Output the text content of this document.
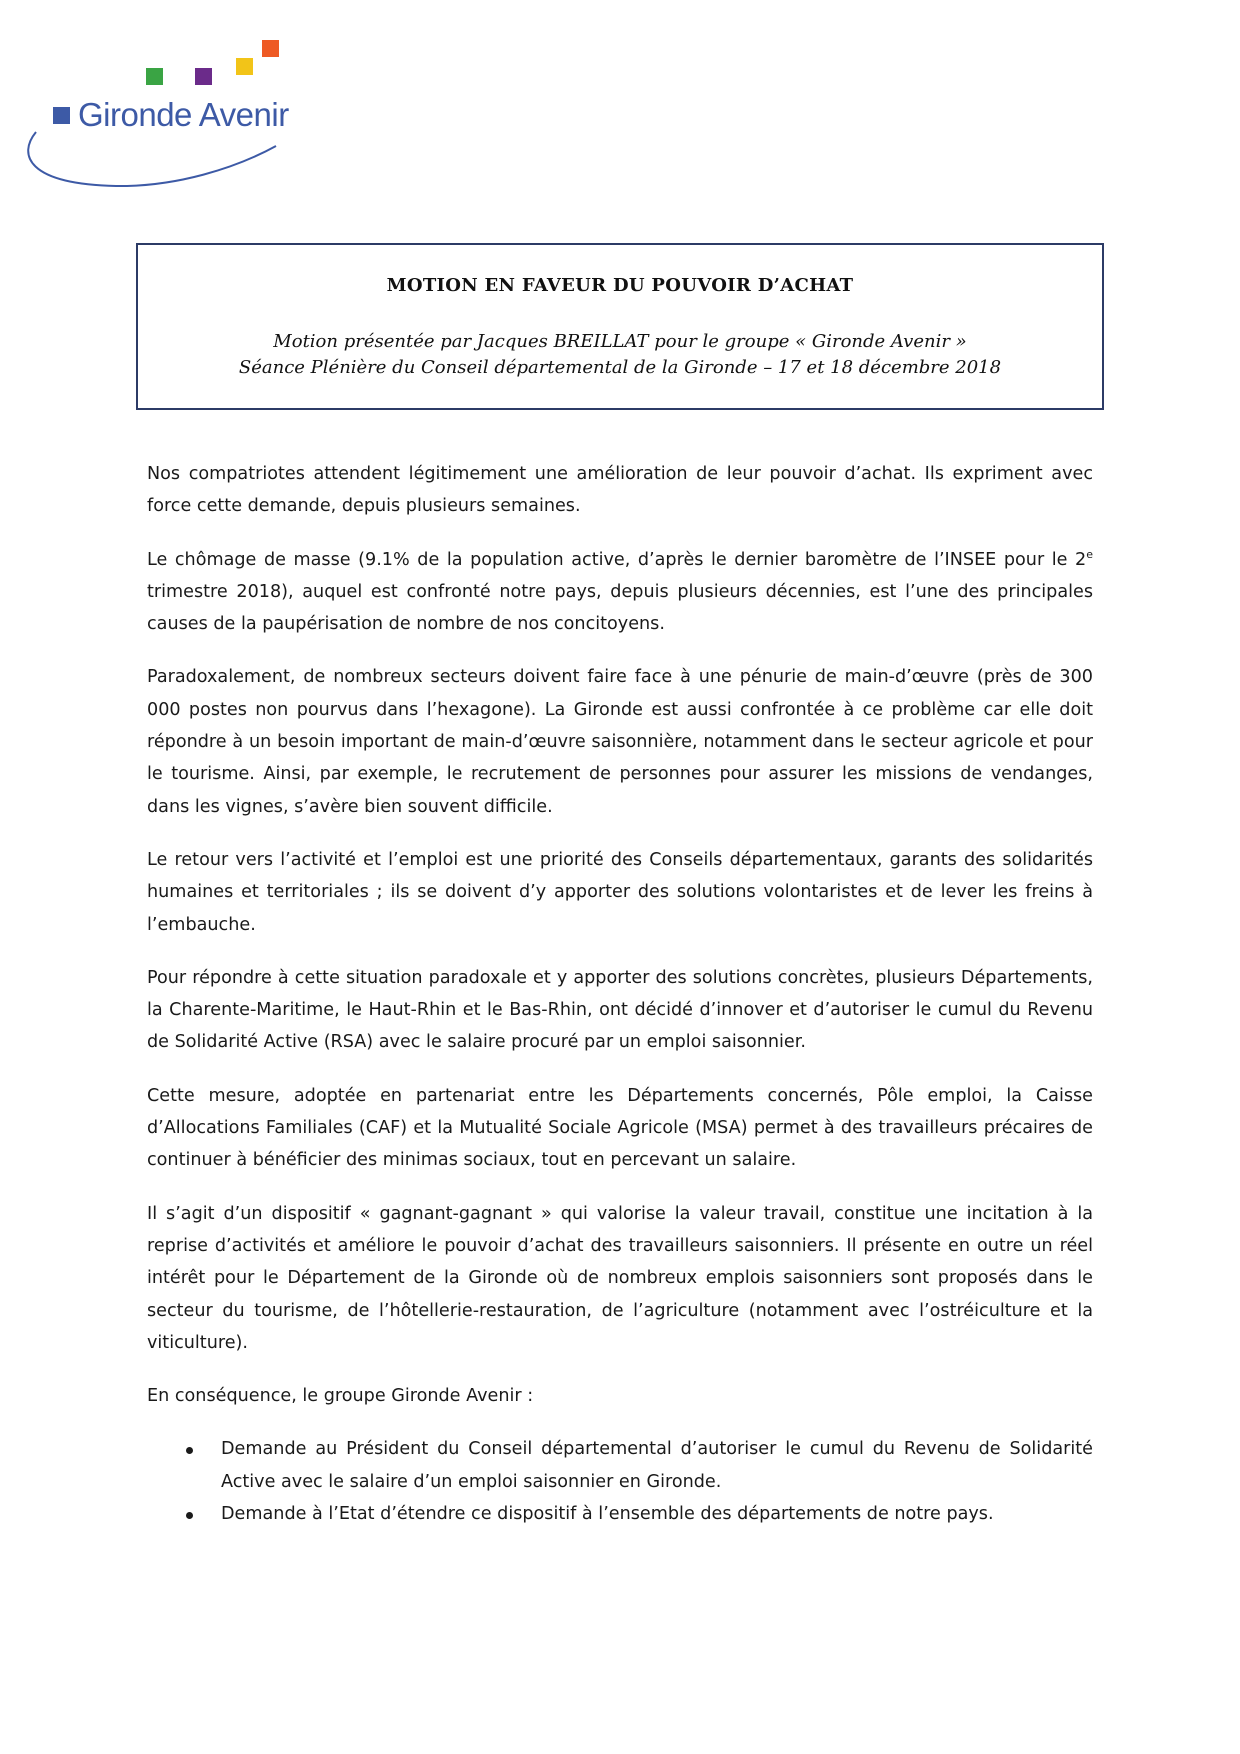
Gironde Avenir
MOTION EN FAVEUR DU POUVOIR D’ACHAT
Motion présentée par Jacques BREILLAT pour le groupe « Gironde Avenir »
Séance Plénière du Conseil départemental de la Gironde – 17 et 18 décembre 2018

Nos compatriotes attendent légitimement une amélioration de leur pouvoir d’achat. Ils expriment avec force cette demande, depuis plusieurs semaines.

Le chômage de masse (9.1% de la population active, d’après le dernier baromètre de l’INSEE pour le 2e trimestre 2018), auquel est confronté notre pays, depuis plusieurs décennies, est l’une des principales causes de la paupérisation de nombre de nos concitoyens.

Paradoxalement, de nombreux secteurs doivent faire face à une pénurie de main-d’œuvre (près de 300 000 postes non pourvus dans l’hexagone). La Gironde est aussi confrontée à ce problème car elle doit répondre à un besoin important de main-d’œuvre saisonnière, notamment dans le secteur agricole et pour le tourisme. Ainsi, par exemple, le recrutement de personnes pour assurer les missions de vendanges, dans les vignes, s’avère bien souvent difficile.

Le retour vers l’activité et l’emploi est une priorité des Conseils départementaux, garants des solidarités humaines et territoriales ; ils se doivent d’y apporter des solutions volontaristes et de lever les freins à l’embauche.

Pour répondre à cette situation paradoxale et y apporter des solutions concrètes, plusieurs Départements, la Charente-Maritime, le Haut-Rhin et le Bas-Rhin, ont décidé d’innover et d’autoriser le cumul du Revenu de Solidarité Active (RSA) avec le salaire procuré par un emploi saisonnier.

Cette mesure, adoptée en partenariat entre les Départements concernés, Pôle emploi, la Caisse d’Allocations Familiales (CAF) et la Mutualité Sociale Agricole (MSA) permet à des travailleurs précaires de continuer à bénéficier des minimas sociaux, tout en percevant un salaire.

Il s’agit d’un dispositif « gagnant-gagnant » qui valorise la valeur travail, constitue une incitation à la reprise d’activités et améliore le pouvoir d’achat des travailleurs saisonniers. Il présente en outre un réel intérêt pour le Département de la Gironde où de nombreux emplois saisonniers sont proposés dans le secteur du tourisme, de l’hôtellerie-restauration, de l’agriculture (notamment avec l’ostréiculture et la viticulture).

En conséquence, le groupe Gironde Avenir :

Demande au Président du Conseil départemental d’autoriser le cumul du Revenu de Solidarité Active avec le salaire d’un emploi saisonnier en Gironde.
Demande à l’Etat d’étendre ce dispositif à l’ensemble des départements de notre pays.
